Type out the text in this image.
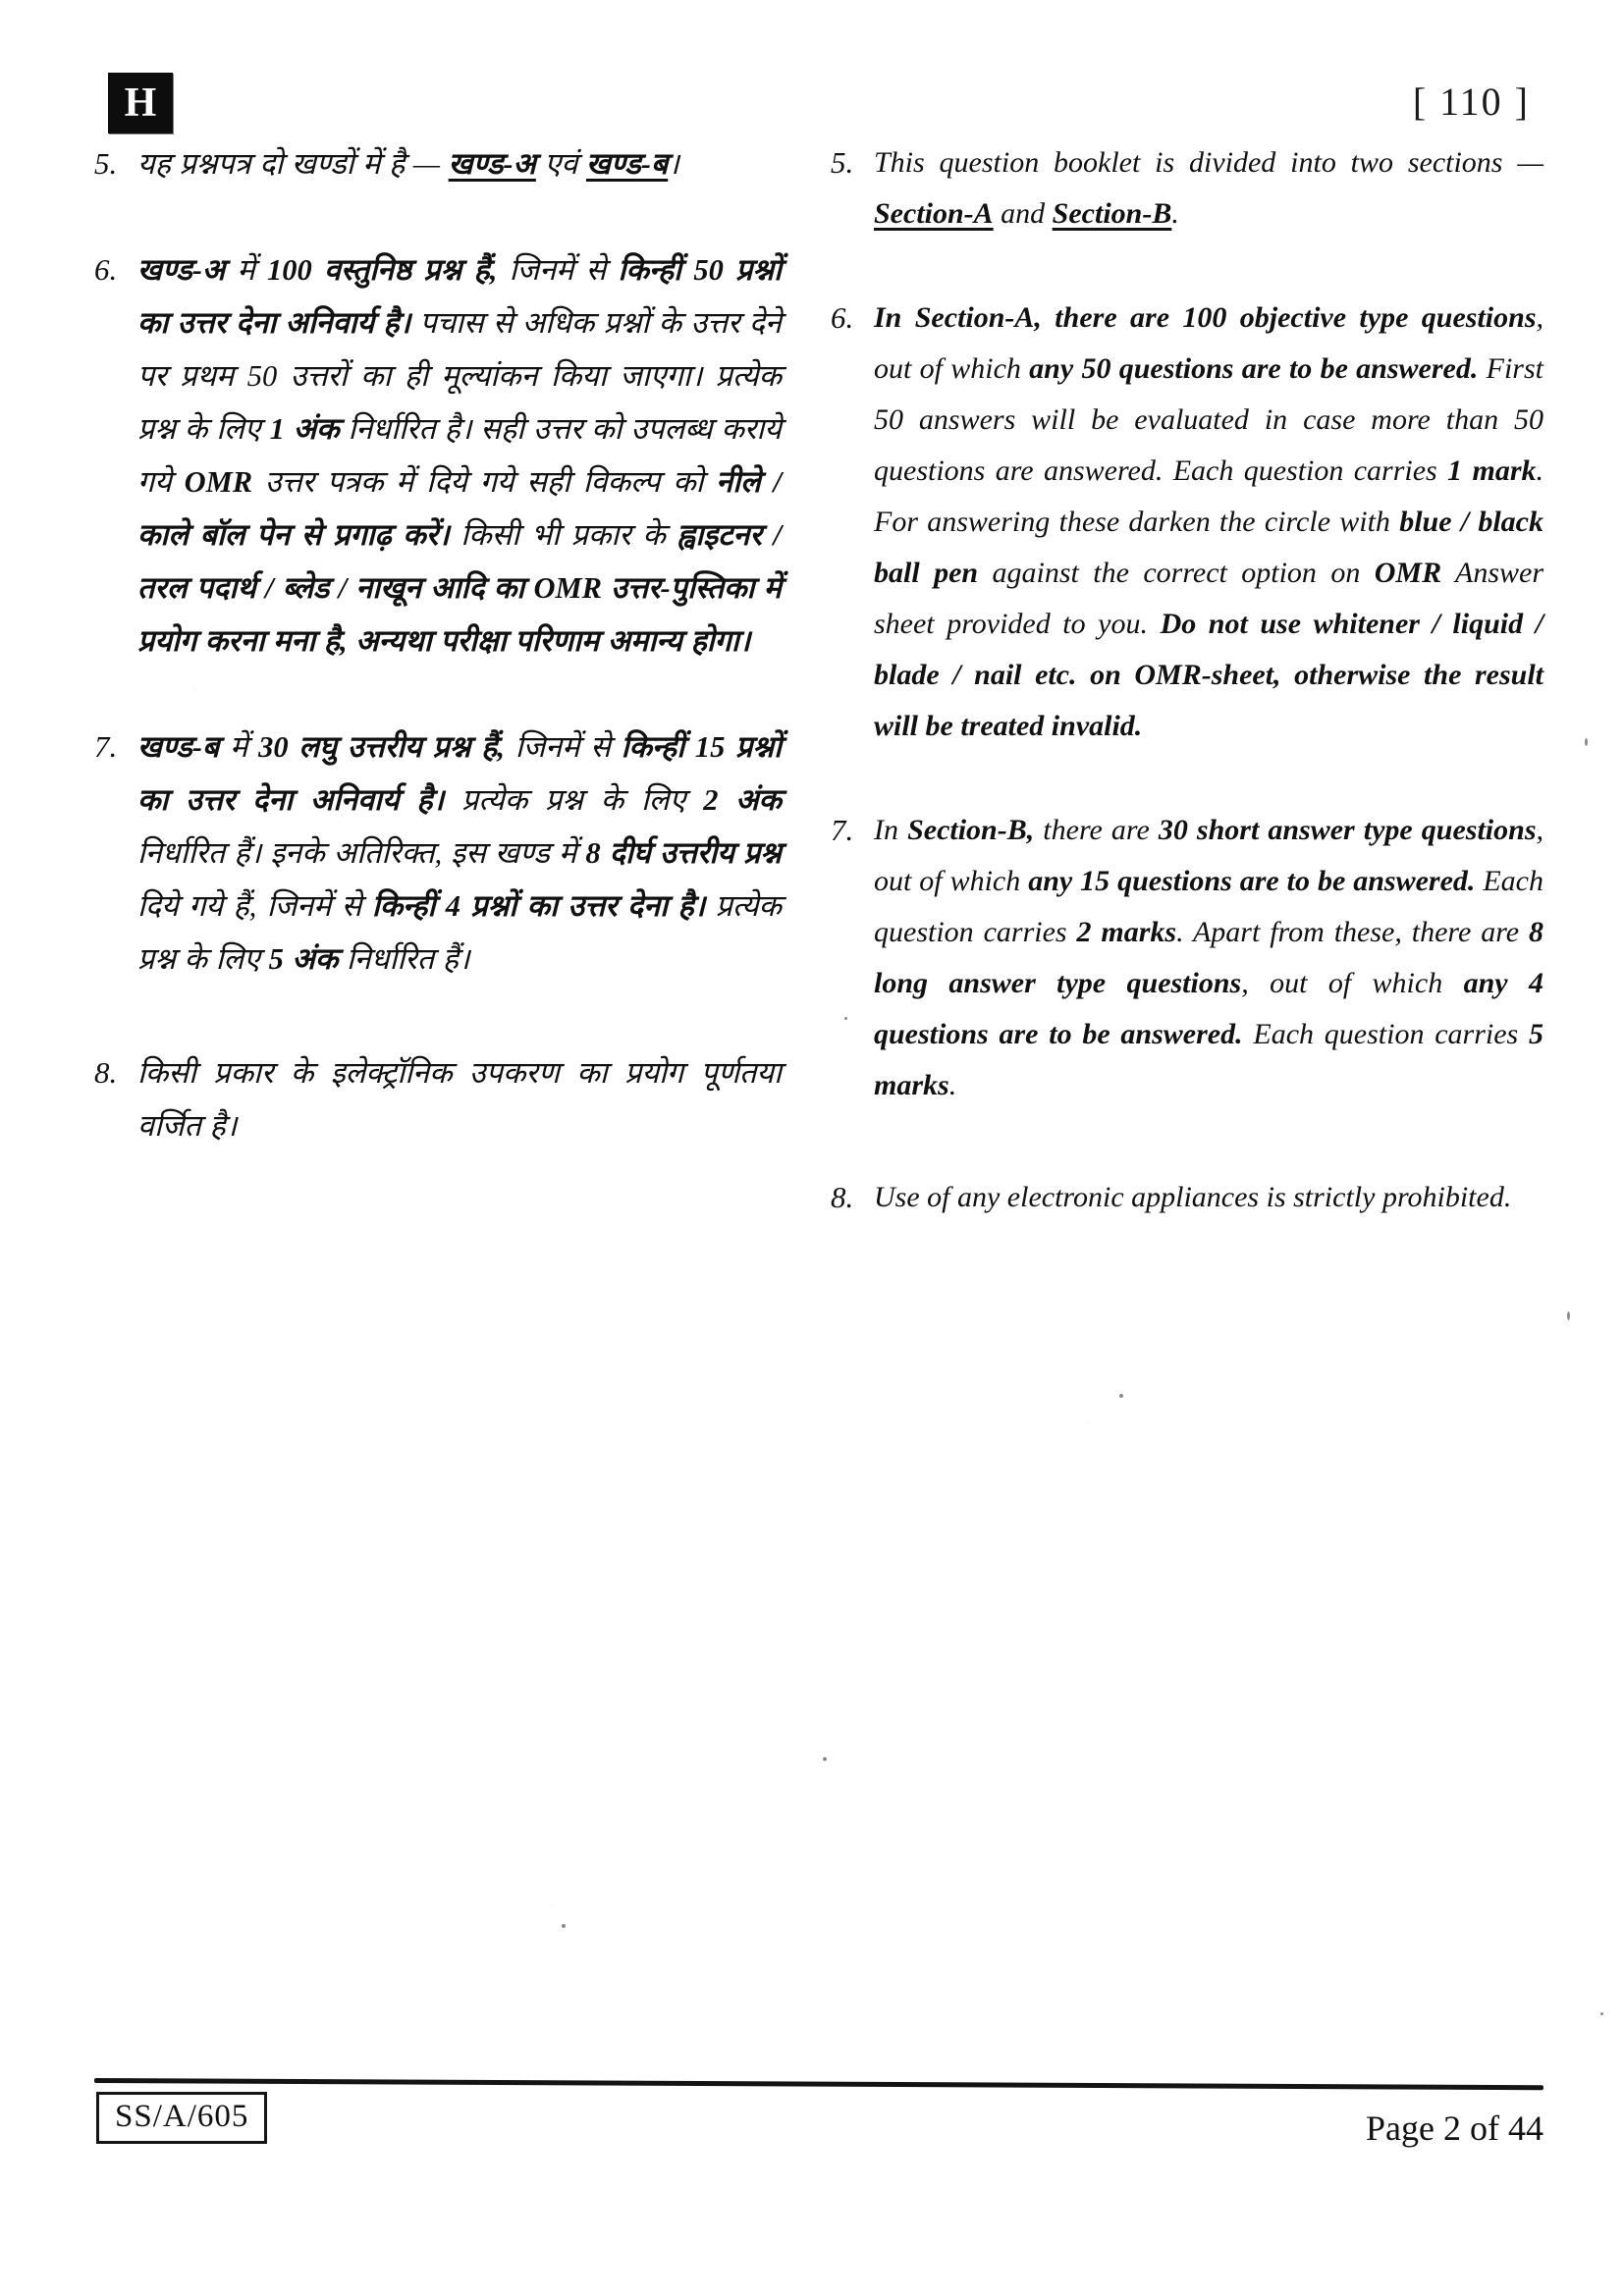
H	[ 110 ]
5. यह प्रश्नपत्र दो खण्डों में है — खण्ड-अ एवं खण्ड-ब।
6. खण्ड-अ में 100 वस्तुनिष्ठ प्रश्न हैं, जिनमें से किन्हीं 50 प्रश्नों का उत्तर देना अनिवार्य है। पचास से अधिक प्रश्नों के उत्तर देने पर प्रथम 50 उत्तरों का ही मूल्यांकन किया जाएगा। प्रत्येक प्रश्न के लिए 1 अंक निर्धारित है। सही उत्तर को उपलब्ध कराये गये OMR उत्तर पत्रक में दिये गये सही विकल्प को नीले / काले बॉल पेन से प्रगाढ़ करें। किसी भी प्रकार के ह्वाइटनर / तरल पदार्थ / ब्लेड / नाखून आदि का OMR उत्तर-पुस्तिका में प्रयोग करना मना है, अन्यथा परीक्षा परिणाम अमान्य होगा।
7. खण्ड-ब में 30 लघु उत्तरीय प्रश्न हैं, जिनमें से किन्हीं 15 प्रश्नों का उत्तर देना अनिवार्य है। प्रत्येक प्रश्न के लिए 2 अंक निर्धारित हैं। इनके अतिरिक्त, इस खण्ड में 8 दीर्घ उत्तरीय प्रश्न दिये गये हैं, जिनमें से किन्हीं 4 प्रश्नों का उत्तर देना है। प्रत्येक प्रश्न के लिए 5 अंक निर्धारित हैं।
8. किसी प्रकार के इलेक्ट्रॉनिक उपकरण का प्रयोग पूर्णतया वर्जित है।
5. This question booklet is divided into two sections — Section-A and Section-B.
6. In Section-A, there are 100 objective type questions, out of which any 50 questions are to be answered. First 50 answers will be evaluated in case more than 50 questions are answered. Each question carries 1 mark. For answering these darken the circle with blue / black ball pen against the correct option on OMR Answer sheet provided to you. Do not use whitener / liquid / blade / nail etc. on OMR-sheet, otherwise the result will be treated invalid.
7. In Section-B, there are 30 short answer type questions, out of which any 15 questions are to be answered. Each question carries 2 marks. Apart from these, there are 8 long answer type questions, out of which any 4 questions are to be answered. Each question carries 5 marks.
8. Use of any electronic appliances is strictly prohibited.
SS/A/605	Page 2 of 44
